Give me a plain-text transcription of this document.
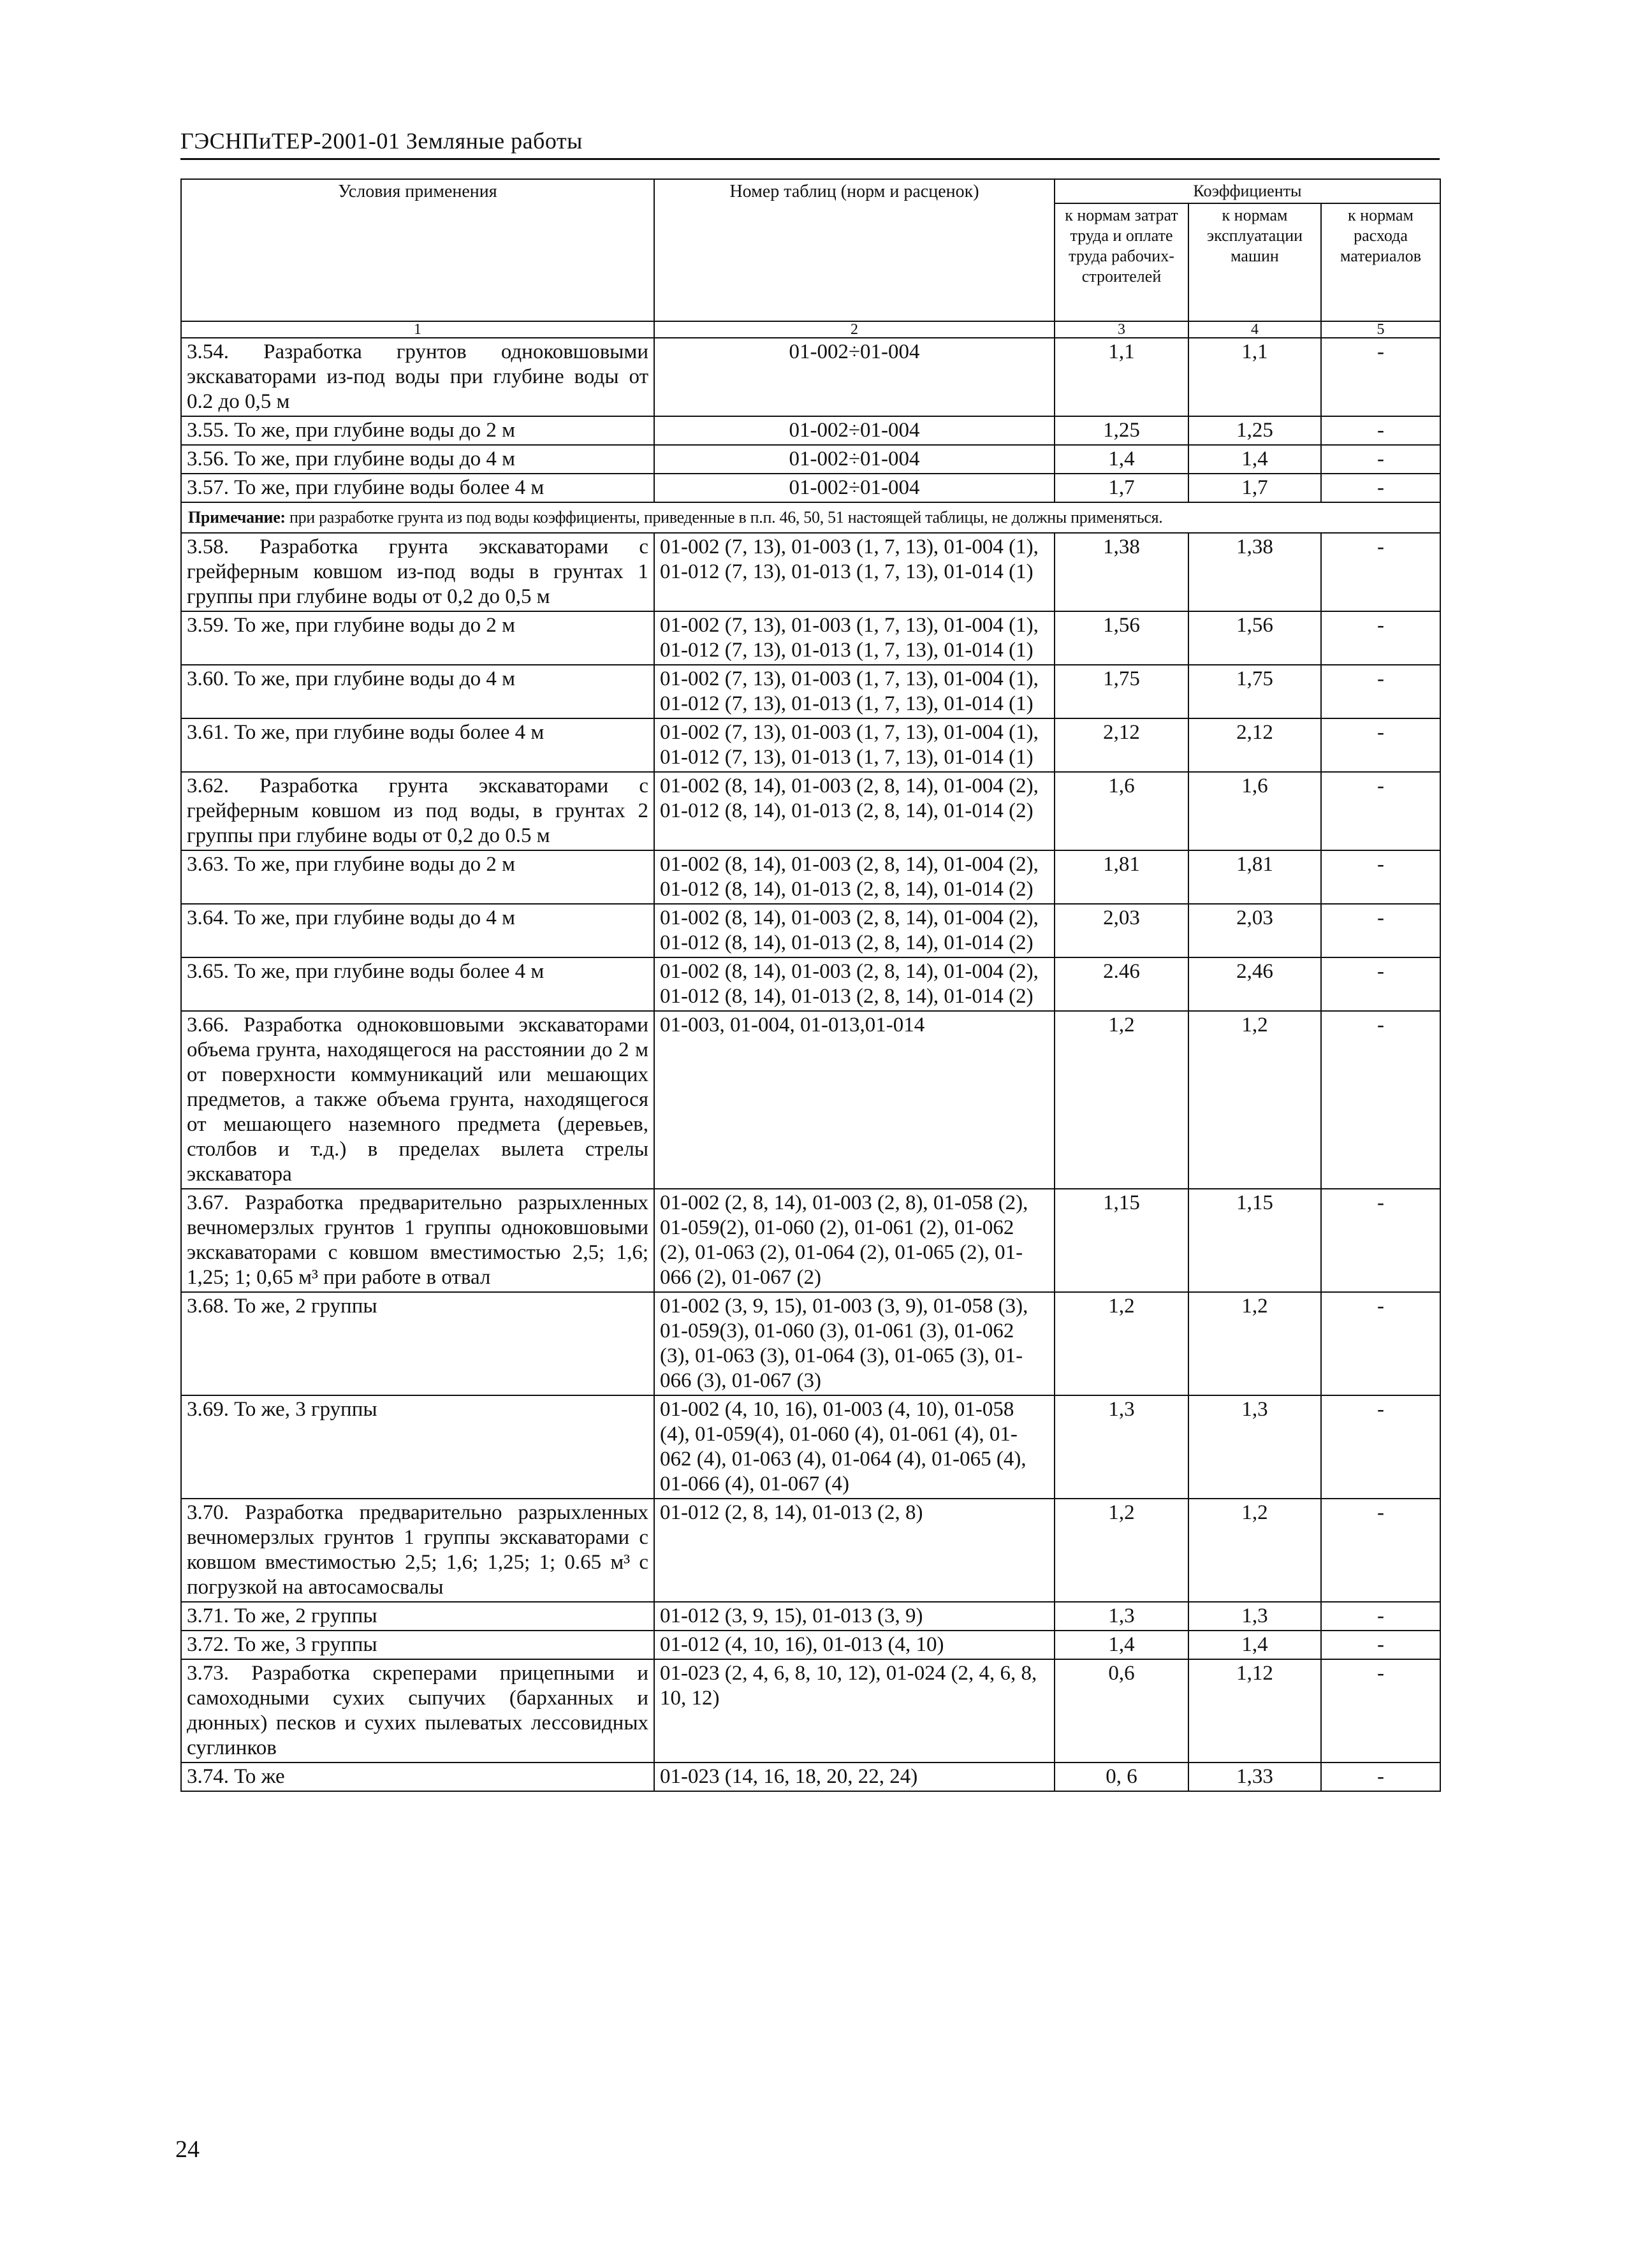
ГЭСНПиТЕР-2001-01 Земляные работы
Условия применения	Номер таблиц (норм и расценок)	Коэффициенты		
		к нормам затрат труда и оплате труда рабочих-строителей	к нормам эксплуатации машин	к нормам расхода материалов
1	2	3	4	5
3.54. Разработка грунтов одноковшовыми экскаваторами из-под воды при глубине воды от 0.2 до 0,5 м	01-002÷01-004	1,1	1,1	-
3.55. То же, при глубине воды до 2 м	01-002÷01-004	1,25	1,25	-
3.56. То же, при глубине воды до 4 м	01-002÷01-004	1,4	1,4	-
3.57. То же, при глубине воды более 4 м	01-002÷01-004	1,7	1,7	-
Примечание: при разработке грунта из под воды коэффициенты, приведенные в п.п. 46, 50, 51 настоящей таблицы, не должны применяться.				
3.58. Разработка грунта экскаваторами с грейферным ковшом из-под воды в грунтах 1 группы при глубине воды от 0,2 до 0,5 м	01-002 (7, 13), 01-003 (1, 7, 13), 01-004 (1), 01-012 (7, 13), 01-013 (1, 7, 13), 01-014 (1)	1,38	1,38	-
3.59. То же, при глубине воды до 2 м	01-002 (7, 13), 01-003 (1, 7, 13), 01-004 (1), 01-012 (7, 13), 01-013 (1, 7, 13), 01-014 (1)	1,56	1,56	-
3.60. То же, при глубине воды до 4 м	01-002 (7, 13), 01-003 (1, 7, 13), 01-004 (1), 01-012 (7, 13), 01-013 (1, 7, 13), 01-014 (1)	1,75	1,75	-
3.61. То же, при глубине воды более 4 м	01-002 (7, 13), 01-003 (1, 7, 13), 01-004 (1), 01-012 (7, 13), 01-013 (1, 7, 13), 01-014 (1)	2,12	2,12	-
3.62. Разработка грунта экскаваторами с грейферным ковшом из под воды, в грунтах 2 группы при глубине воды от 0,2 до 0.5 м	01-002 (8, 14), 01-003 (2, 8, 14), 01-004 (2), 01-012 (8, 14), 01-013 (2, 8, 14), 01-014 (2)	1,6	1,6	-
3.63. То же, при глубине воды до 2 м	01-002 (8, 14), 01-003 (2, 8, 14), 01-004 (2), 01-012 (8, 14), 01-013 (2, 8, 14), 01-014 (2)	1,81	1,81	-
3.64. То же, при глубине воды до 4 м	01-002 (8, 14), 01-003 (2, 8, 14), 01-004 (2), 01-012 (8, 14), 01-013 (2, 8, 14), 01-014 (2)	2,03	2,03	-
3.65. То же, при глубине воды более 4 м	01-002 (8, 14), 01-003 (2, 8, 14), 01-004 (2), 01-012 (8, 14), 01-013 (2, 8, 14), 01-014 (2)	2.46	2,46	-
3.66. Разработка одноковшовыми экскаваторами объема грунта, находящегося на расстоянии до 2 м от поверхности коммуникаций или мешающих предметов, а также объема грунта, находящегося от мешающего наземного предмета (деревьев, столбов и т.д.) в пределах вылета стрелы экскаватора	01-003, 01-004, 01-013,01-014	1,2	1,2	-
3.67. Разработка предварительно разрыхленных вечномерзлых грунтов 1 группы одноковшовыми экскаваторами с ковшом вместимостью 2,5; 1,6; 1,25; 1; 0,65 м³ при работе в отвал	01-002 (2, 8, 14), 01-003 (2, 8), 01-058 (2), 01-059(2), 01-060 (2), 01-061 (2), 01-062 (2), 01-063 (2), 01-064 (2), 01-065 (2), 01-066 (2), 01-067 (2)	1,15	1,15	-
3.68. То же, 2 группы	01-002 (3, 9, 15), 01-003 (3, 9), 01-058 (3), 01-059(3), 01-060 (3), 01-061 (3), 01-062 (3), 01-063 (3), 01-064 (3), 01-065 (3), 01-066 (3), 01-067 (3)	1,2	1,2	-
3.69. То же, 3 группы	01-002 (4, 10, 16), 01-003 (4, 10), 01-058 (4), 01-059(4), 01-060 (4), 01-061 (4), 01-062 (4), 01-063 (4), 01-064 (4), 01-065 (4), 01-066 (4), 01-067 (4)	1,3	1,3	-
3.70. Разработка предварительно разрыхленных вечномерзлых грунтов 1 группы экскаваторами с ковшом вместимостью 2,5; 1,6; 1,25; 1; 0.65 м³ с погрузкой на автосамосвалы	01-012 (2, 8, 14), 01-013 (2, 8)	1,2	1,2	-
3.71. То же, 2 группы	01-012 (3, 9, 15), 01-013 (3, 9)	1,3	1,3	-
3.72. То же, 3 группы	01-012 (4, 10, 16), 01-013 (4, 10)	1,4	1,4	-
3.73. Разработка скреперами прицепными и самоходными сухих сыпучих (барханных и дюнных) песков и сухих пылеватых лессовидных суглинков	01-023 (2, 4, 6, 8, 10, 12), 01-024 (2, 4, 6, 8, 10, 12)	0,6	1,12	-
3.74. То же	01-023 (14, 16, 18, 20, 22, 24)	0, 6	1,33	-
24
